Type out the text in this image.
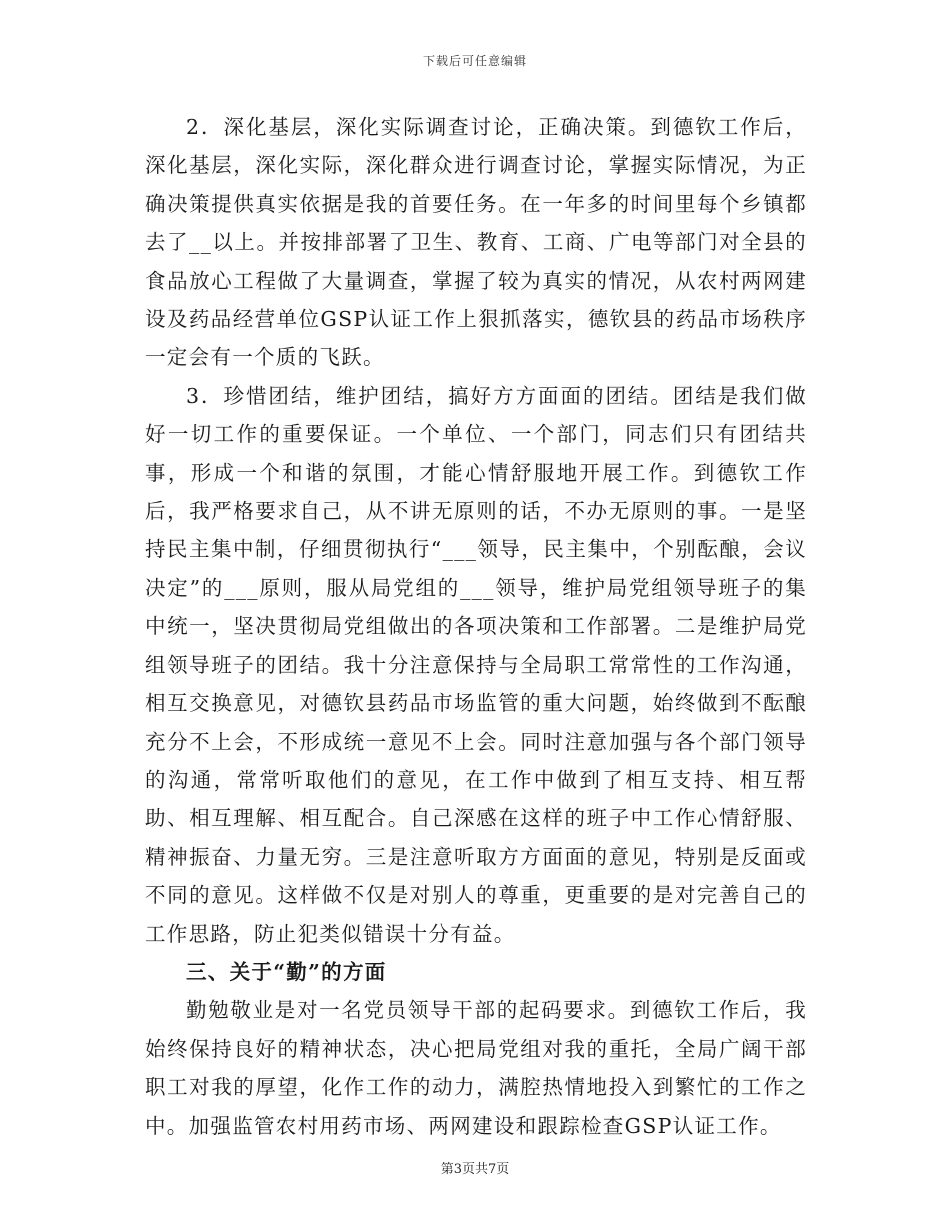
下载后可任意编辑

2．深化基层，深化实际调查讨论，正确决策。到德钦工作后，深化基层，深化实际，深化群众进行调查讨论，掌握实际情况，为正确决策提供真实依据是我的首要任务。在一年多的时间里每个乡镇都去了__以上。并按排部署了卫生、教育、工商、广电等部门对全县的食品放心工程做了大量调查，掌握了较为真实的情况，从农村两网建设及药品经营单位GSP认证工作上狠抓落实，德钦县的药品市场秩序一定会有一个质的飞跃。

3．珍惜团结，维护团结，搞好方方面面的团结。团结是我们做好一切工作的重要保证。一个单位、一个部门，同志们只有团结共事，形成一个和谐的氛围，才能心情舒服地开展工作。到德钦工作后，我严格要求自己，从不讲无原则的话，不办无原则的事。一是坚持民主集中制，仔细贯彻执行“___领导，民主集中，个别酝酿，会议决定”的___原则，服从局党组的___领导，维护局党组领导班子的集中统一，坚决贯彻局党组做出的各项决策和工作部署。二是维护局党组领导班子的团结。我十分注意保持与全局职工常常性的工作沟通，相互交换意见，对德钦县药品市场监管的重大问题，始终做到不酝酿充分不上会，不形成统一意见不上会。同时注意加强与各个部门领导的沟通，常常听取他们的意见，在工作中做到了相互支持、相互帮助、相互理解、相互配合。自己深感在这样的班子中工作心情舒服、精神振奋、力量无穷。三是注意听取方方面面的意见，特别是反面或不同的意见。这样做不仅是对别人的尊重，更重要的是对完善自己的工作思路，防止犯类似错误十分有益。

三、关于“勤”的方面

勤勉敬业是对一名党员领导干部的起码要求。到德钦工作后，我始终保持良好的精神状态，决心把局党组对我的重托，全局广阔干部职工对我的厚望，化作工作的动力，满腔热情地投入到繁忙的工作之中。加强监管农村用药市场、两网建设和跟踪检查GSP认证工作。

第3页共7页
